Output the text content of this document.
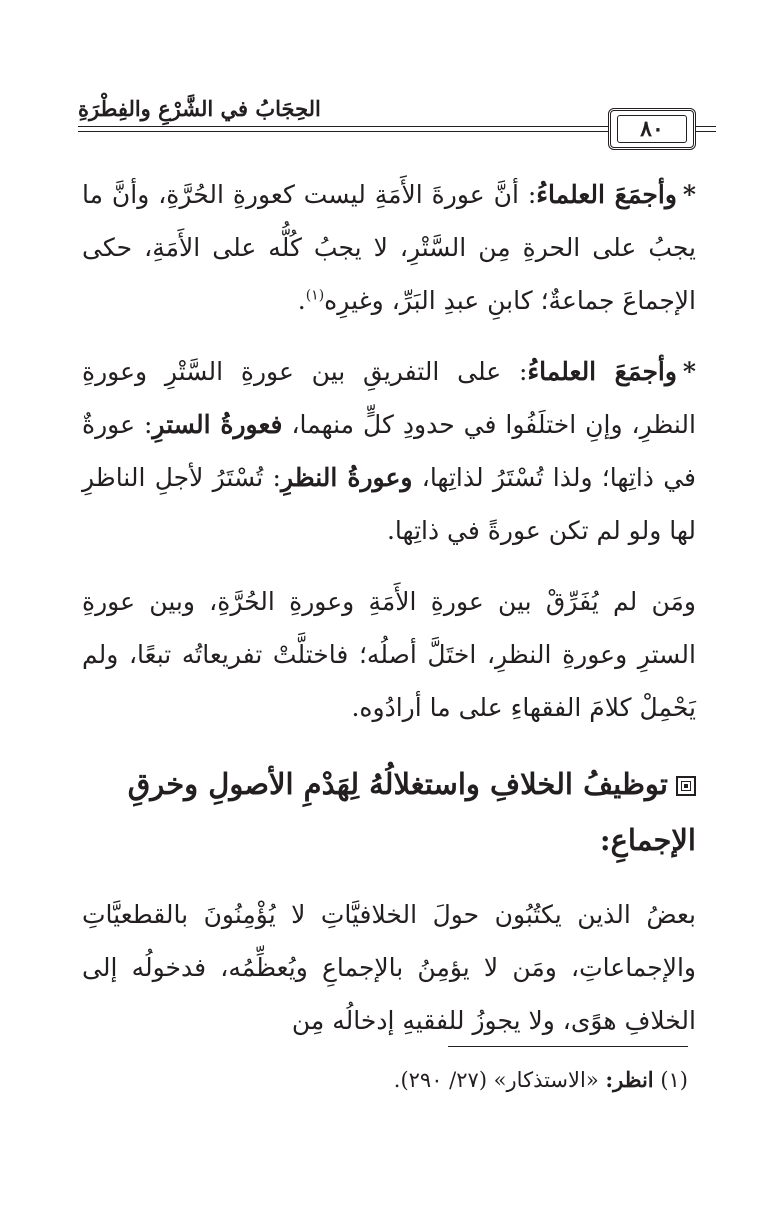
الحِجَابُ في الشَّرْعِ والفِطْرَةِ
٨٠

*وأجمَعَ العلماءُ: أنَّ عورةَ الأَمَةِ ليست كعورةِ الحُرَّةِ، وأنَّ ما يجبُ على الحرةِ مِن السَّتْرِ، لا يجبُ كُلُّه على الأَمَةِ، حكى الإجماعَ جماعةٌ؛ كابنِ عبدِ البَرِّ، وغيرِه$^{(١)}$.

*وأجمَعَ العلماءُ: على التفريقِ بين عورةِ السَّتْرِ وعورةِ النظرِ، وإنِ اختلَفُوا في حدودِ كلٍّ منهما، فعورةُ السترِ: عورةٌ في ذاتِها؛ ولذا تُسْتَرُ لذاتِها، وعورةُ النظرِ: تُسْتَرُ لأجلِ الناظرِ لها ولو لم تكن عورةً في ذاتِها.

ومَن لم يُفَرِّقْ بين عورةِ الأَمَةِ وعورةِ الحُرَّةِ، وبين عورةِ السترِ وعورةِ النظرِ، اختَلَّ أصلُه؛ فاختلَّتْ تفريعاتُه تبعًا، ولم يَحْمِلْ كلامَ الفقهاءِ على ما أرادُوه.

توظيفُ الخلافِ واستغلالُهُ لِهَدْمِ الأصولِ وخرقِ الإجماعِ:

بعضُ الذين يكتُبُون حولَ الخلافيَّاتِ لا يُؤْمِنُونَ بالقطعيَّاتِ والإجماعاتِ، ومَن لا يؤمِنُ بالإجماعِ ويُعظِّمُه، فدخولُه إلى الخلافِ هوًى، ولا يجوزُ للفقيهِ إدخالُه مِن

(١) انظر: «الاستذكار» (٢٧/ ٢٩٠).
